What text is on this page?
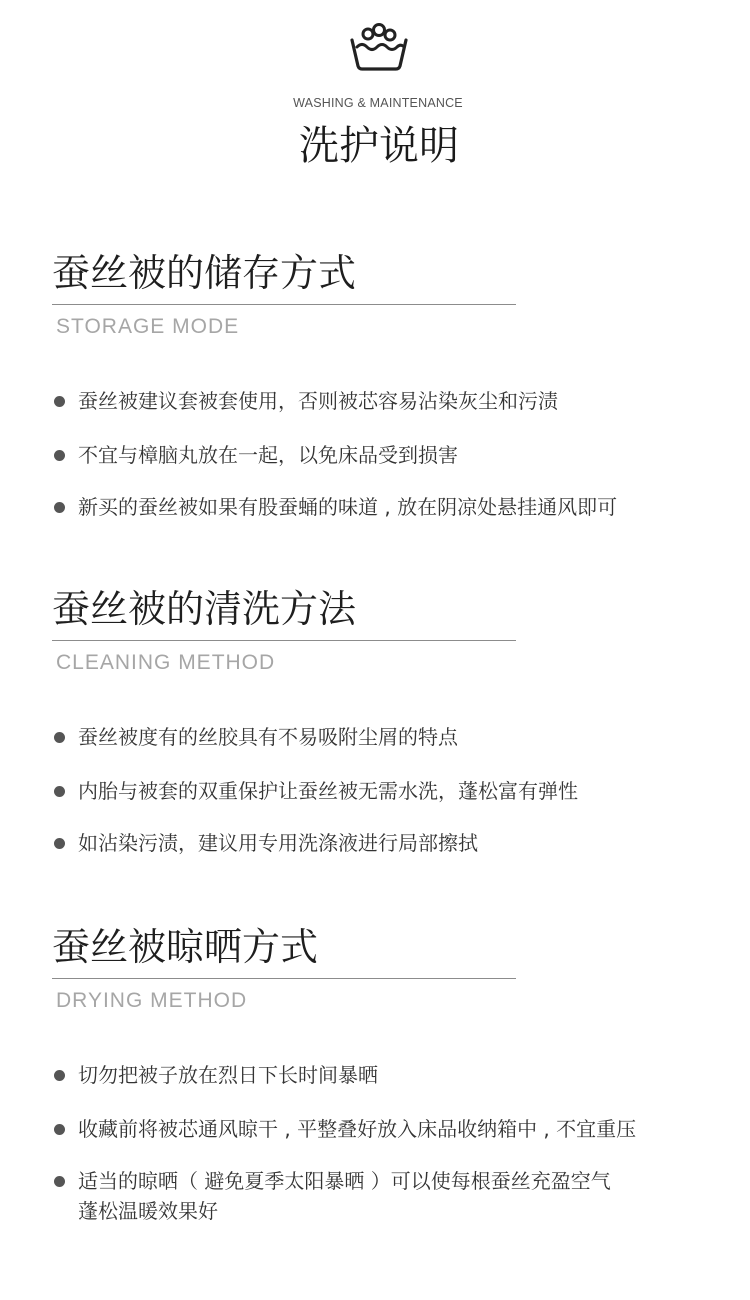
WASHING & MAINTENANCE
洗护说明
蚕丝被的储存方式
STORAGE MODE
蚕丝被建议套被套使用，否则被芯容易沾染灰尘和污渍
不宜与樟脑丸放在一起，以免床品受到损害
新买的蚕丝被如果有股蚕蛹的味道 , 放在阴凉处悬挂通风即可
蚕丝被的清洗方法
CLEANING METHOD
蚕丝被度有的丝胶具有不易吸附尘屑的特点
内胎与被套的双重保护让蚕丝被无需水洗，蓬松富有弹性
如沾染污渍，建议用专用洗涤液进行局部擦拭
蚕丝被晾晒方式
DRYING METHOD
切勿把被子放在烈日下长时间暴晒
收藏前将被芯通风晾干 , 平整叠好放入床品收纳箱中 , 不宜重压
适当的晾晒（ 避免夏季太阳暴晒 ）可以使每根蚕丝充盈空气
蓬松温暖效果好
